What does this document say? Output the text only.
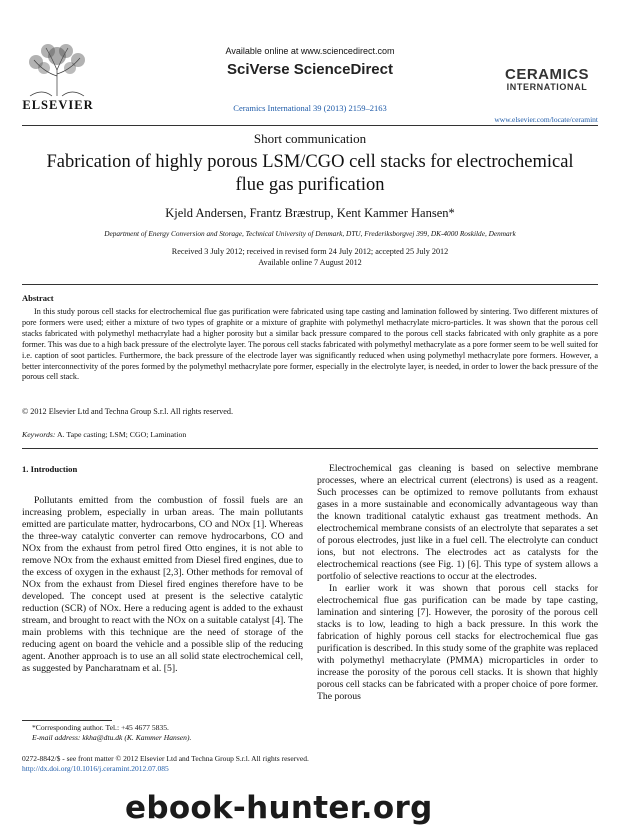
ELSEVIER
Available online at www.sciencedirect.com
SciVerse ScienceDirect
Ceramics International 39 (2013) 2159–2163
CERAMICS
INTERNATIONAL
www.elsevier.com/locate/ceramint
Short communication
Fabrication of highly porous LSM/CGO cell stacks for electrochemical flue gas purification
Kjeld Andersen, Frantz Bræstrup, Kent Kammer Hansen*
Department of Energy Conversion and Storage, Technical University of Denmark, DTU, Frederiksborgvej 399, DK-4000 Roskilde, Denmark
Received 3 July 2012; received in revised form 24 July 2012; accepted 25 July 2012
Available online 7 August 2012
Abstract
In this study porous cell stacks for electrochemical flue gas purification were fabricated using tape casting and lamination followed by sintering. Two different mixtures of pore formers were used; either a mixture of two types of graphite or a mixture of graphite with polymethyl methacrylate micro-particles. It was shown that the porous cell stacks fabricated with polymethyl methacrylate had a higher porosity but a similar back pressure compared to the porous cell stacks fabricated with only graphite as a pore former. This was due to a high back pressure of the electrolyte layer. The porous cell stacks fabricated with polymethyl methacrylate as a pore former seem to be well suited for i.e. caption of soot particles. Furthermore, the back pressure of the electrode layer was significantly reduced when using polymethyl methacrylate pore formers. However, a better interconnectivity of the pores formed by the polymethyl methacrylate pore former, especially in the electrolyte layer, is needed, in order to lower the back pressure of the porous cell stack.
© 2012 Elsevier Ltd and Techna Group S.r.l. All rights reserved.
Keywords: A. Tape casting; LSM; CGO; Lamination

1. Introduction

Pollutants emitted from the combustion of fossil fuels are an increasing problem, especially in urban areas. The main pollutants emitted are particulate matter, hydrocarbons, CO and NOx [1]. Whereas the three-way catalytic converter can remove hydrocarbons, CO and NOx from the exhaust from petrol fired Otto engines, it is not able to remove NOx from the exhaust emitted from Diesel fired engines, due to the excess of oxygen in the exhaust [2,3]. Other methods for removal of NOx from the exhaust from Diesel fired engines therefore have to be developed. The concept used at present is the selective catalytic reduction (SCR) of NOx. Here a reducing agent is added to the exhaust stream, and brought to react with the NOx on a suitable catalyst [4]. The main problems with this technique are the need of storage of the reducing agent on board the vehicle and a possible slip of the reducing agent. Another approach is to use an all solid state electrochemical cell, as suggested by Pancharatnam et al. [5].

Electrochemical gas cleaning is based on selective membrane processes, where an electrical current (electrons) is used as a reagent. Such processes can be optimized to remove pollutants from exhaust gases in a more sustainable and economically advantageous way than the known traditional catalytic exhaust gas treatment methods. An electrochemical membrane consists of an electrolyte that separates a set of porous electrodes, just like in a fuel cell. The electrolyte can conduct ions, but not electrons. The electrodes act as catalysts for the electrochemical reactions (see Fig. 1) [6]. This type of system allows a portfolio of selective reactions to occur at the electrodes.

In earlier work it was shown that porous cell stacks for electrochemical flue gas purification can be made by tape casting, lamination and sintering [7]. However, the porosity of the porous cell stacks is to low, leading to high a back pressure. In this work the fabrication of highly porous cell stacks for electrochemical flue gas purification is described. In this study some of the graphite was replaced with polymethyl methacrylate (PMMA) microparticles in order to increase the porosity of the porous cell stacks. It is shown that highly porous cell stacks can be fabricated with a proper choice of pore former. The porous

*Corresponding author. Tel.: +45 4677 5835.
E-mail address: kkha@dtu.dk (K. Kammer Hansen).
0272-8842/$ - see front matter © 2012 Elsevier Ltd and Techna Group S.r.l. All rights reserved.
http://dx.doi.org/10.1016/j.ceramint.2012.07.085
ebook-hunter.org
